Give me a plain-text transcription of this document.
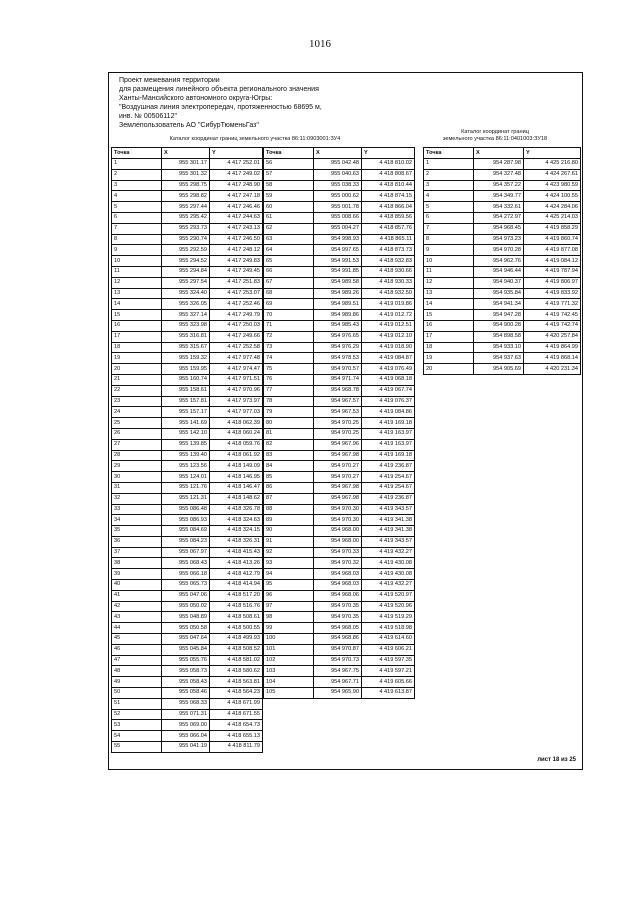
1016
Проект межевания территории
для размещения линейного объекта регионального значения
Ханты-Мансийского автономного округа-Югры:
"Воздушная линия электропередач, протяженностью 68695 м,
инв. № 00506112"
Землепользователь АО "СибурТюменьГаз"
Каталог координат границ земельного участка 86:11:0903001:ЗУ4
Каталог координат границ
земельного участка 86:11:0401003:ЗУ18
Точка	X	Y
1	955 301.17	4 417 252.01
2	955 301.32	4 417 249.02
3	955 298.75	4 417 248.90
4	955 298.82	4 417 247.18
5	955 297.44	4 417 246.46
6	955 295.42	4 417 244.63
7	955 293.73	4 417 243.13
8	955 290.74	4 417 246.50
9	955 292.59	4 417 248.12
10	955 294.52	4 417 249.83
11	955 294.84	4 417 249.45
12	955 297.54	4 417 251.83
13	955 324.40	4 417 253.07
14	955 326.05	4 417 252.46
15	955 327.14	4 417 249.79
16	955 323.98	4 417 250.03
17	955 316.81	4 417 249.66
18	955 315.67	4 417 252.58
19	955 159.32	4 417 977.48
20	955 159.95	4 417 974.47
21	955 160.74	4 417 971.51
22	955 158.61	4 417 970.96
23	955 157.81	4 417 973.97
24	955 157.17	4 417 977.03
25	955 141.69	4 418 062.39
26	955 142.10	4 418 060.24
27	955 139.85	4 418 059.76
28	955 139.40	4 418 061.92
29	955 123.56	4 418 149.09
30	955 124.01	4 418 146.95
31	955 121.76	4 418 146.47
32	955 121.31	4 418 148.62
33	955 086.48	4 418 326.78
34	955 086.93	4 418 324.63
35	955 084.69	4 418 324.15
36	955 084.23	4 418 326.31
37	955 067.97	4 418 415.43
38	955 068.43	4 418 413.26
39	955 066.18	4 418 412.79
40	955 065.73	4 418 414.94
41	955 047.06	4 418 517.20
42	955 050.02	4 418 516.76
43	955 048.89	4 418 508.61
44	955 050.58	4 418 500.55
45	955 047.64	4 418 499.93
46	955 045.84	4 418 508.52
47	955 055.76	4 418 581.02
48	955 058.73	4 418 580.62
49	955 058.43	4 418 563.81
50	955 058.46	4 418 564.23
51	955 068.33	4 418 671.99
52	955 071.31	4 418 671.55
53	955 069.00	4 418 654.73
54	955 066.04	4 418 655.13
55	955 041.19	4 418 811.79
Точка	X	Y
56	955 042.48	4 418 810.02
57	955 040.63	4 418 808.67
58	955 038.33	4 418 810.44
59	955 000.62	4 418 874.15
60	955 001.78	4 418 866.04
61	955 008.66	4 418 859.56
62	955 004.27	4 418 857.76
63	954 998.93	4 418 865.11
64	954 997.65	4 418 873.73
65	954 991.53	4 418 932.83
66	954 991.85	4 418 930.66
67	954 989.58	4 418 930.33
68	954 989.26	4 418 932.50
69	954 989.51	4 419 019.86
70	954 989.86	4 419 012.72
71	954 985.43	4 419 012.51
72	954 976.65	4 419 012.10
73	954 976.29	4 419 018.90
74	954 978.53	4 419 084.87
75	954 970.57	4 419 076.49
76	954 971.74	4 419 068.18
77	954 968.78	4 419 067.74
78	954 967.57	4 419 076.37
79	954 967.53	4 419 084.86
80	954 970.25	4 419 169.18
81	954 970.25	4 419 163.97
82	954 967.96	4 419 163.97
83	954 967.98	4 419 169.18
84	954 970.27	4 419 236.87
85	954 970.27	4 419 254.67
86	954 967.98	4 419 254.67
87	954 967.98	4 419 236.87
88	954 970.30	4 419 343.57
89	954 970.30	4 419 341.38
90	954 968.00	4 419 341.38
91	954 968.00	4 419 343.57
92	954 970.33	4 419 432.27
93	954 970.32	4 419 430.08
94	954 968.03	4 419 430.08
95	954 968.03	4 419 432.27
96	954 968.06	4 419 520.97
97	954 970.35	4 419 520.96
98	954 970.35	4 419 519.29
99	954 968.05	4 419 518.98
100	954 968.86	4 419 614.60
101	954 970.87	4 419 606.21
102	954 970.73	4 419 597.35
103	954 967.75	4 419 597.21
104	954 967.71	4 419 605.66
105	954 965.90	4 419 613.87
Точка	X	Y
1	954 287.98	4 425 216.80
2	954 327.48	4 424 267.61
3	954 357.22	4 423 980.59
4	954 349.77	4 424 100.55
5	954 332.61	4 424 284.06
6	954 272.97	4 425 214.03
7	954 968.45	4 419 858.29
8	954 973.23	4 419 860.74
9	954 970.28	4 419 877.08
10	954 962.76	4 419 084.12
11	954 946.44	4 419 787.94
12	954 940.37	4 419 806.97
13	954 935.84	4 419 833.92
14	954 941.34	4 419 771.32
15	954 947.28	4 419 742.45
16	954 900.28	4 419 742.74
17	954 898.58	4 420 257.84
18	954 933.10	4 419 864.99
19	954 937.63	4 419 868.14
20	954 905.69	4 420 231.34
лист 18 из 25
